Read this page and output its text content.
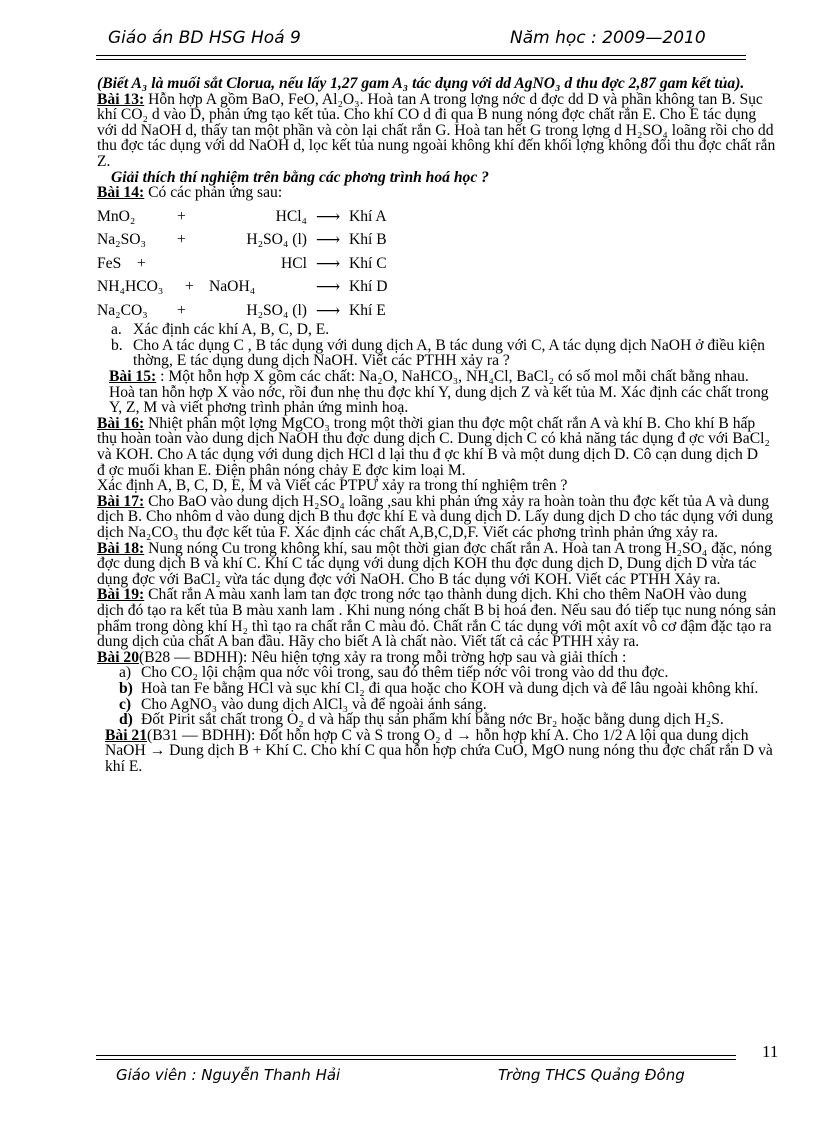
Giáo án BD HSG Hoá 9	Năm học : 2009—2010

(Biết A₃ là muối sắt Clorua, nếu lấy 1,27 gam A₃ tác dụng với dd AgNO₃ d thu đợc 2,87 gam kết tủa).

Bài 13: Hỗn hợp A gồm BaO, FeO, Al₂O₃. Hoà tan A trong lợng nớc d đợc dd D và phần không tan B. Sục khí CO₂ d vào D, phản ứng tạo kết tủa. Cho khí CO d đi qua B nung nóng đợc chất rắn E. Cho E tác dụng với dd NaOH d, thấy tan một phần và còn lại chất rắn G. Hoà tan hết G trong lợng d H₂SO₄ loãng rồi cho dd thu đợc tác dụng với dd NaOH d, lọc kết tủa nung ngoài không khí đến khối lợng không đổi thu đợc chất rắn Z.

Giải thích thí nghiệm trên bằng các phơng trình hoá học ?

Bài 14: Có các phản ứng sau:

MnO₂	+	HCl₄ ⟶ Khí A
Na₂SO₃	+	H₂SO₄ (l) ⟶ Khí B
FeS	+	HCl ⟶ Khí C
NH₄HCO₃	+ NaOH₄	⟶ Khí D
Na₂CO₃	+	H₂SO₄ (l) ⟶ Khí E
a. Xác định các khí A, B, C, D, E.
b. Cho A tác dụng C , B tác dụng với dung dịch A, B tác dung với C, A tác dụng dịch NaOH ở điều kiện thờng, E tác dụng dung dịch NaOH. Viết các PTHH xảy ra ?

Bài 15: : Một hỗn hợp X gồm các chất: Na₂O, NaHCO₃, NH₄Cl, BaCl₂ có số mol mỗi chất bằng nhau. Hoà tan hỗn hợp X vào nớc, rồi đun nhẹ thu đợc khí Y, dung dịch Z và kết tủa M. Xác định các chất trong Y, Z, M và viết phơng trình phản ứng minh hoạ.

Bài 16: Nhiệt phân một lợng MgCO₃ trong một thời gian thu đợc một chất rắn A và khí B. Cho khí B hấp thụ hoàn toàn vào dung dịch NaOH thu đợc dung dịch C. Dung dịch C có khả năng tác dụng đ ợc với BaCl₂ và KOH. Cho A tác dụng với dung dịch HCl d lại thu đ ợc khí B và một dung dịch D. Cô cạn dung dịch D

đ ợc muối khan E. Điện phân nóng chảy E đợc kim loại M.

Xác định A, B, C, D, E, M và Viết các PTPƯ xảy ra trong thí nghiệm trên ?

Bài 17: Cho BaO vào dung dịch H₂SO₄ loãng ,sau khi phản ứng xảy ra hoàn toàn thu đợc kết tủa A và dung dịch B. Cho nhôm d vào dung dịch B thu đợc khí E và dung dịch D. Lấy dung dịch D cho tác dụng với dung dịch Na₂CO₃ thu đợc kết tủa F. Xác định các chất A,B,C,D,F. Viết các phơng trình phản ứng xảy ra.

Bài 18: Nung nóng Cu trong không khí, sau một thời gian đợc chất rắn A. Hoà tan A trong H₂SO₄ đặc, nóng đợc dung dịch B và khí C. Khí C tác dụng với dung dịch KOH thu đợc dung dịch D, Dung dịch D vừa tác dụng đợc với BaCl₂ vừa tác dụng đợc với NaOH. Cho B tác dụng với KOH. Viết các PTHH Xảy ra.

Bài 19: Chất rắn A màu xanh lam tan đợc trong nớc tạo thành dung dịch. Khi cho thêm NaOH vào dung dịch đó tạo ra kết tủa B màu xanh lam . Khi nung nóng chất B bị hoá đen. Nếu sau đó tiếp tục nung nóng sản phẩm trong dòng khí H₂ thì tạo ra chất rắn C màu đỏ. Chất rắn C tác dụng với một axít vô cơ đậm đặc tạo ra dung dịch của chất A ban đầu. Hãy cho biết A là chất nào. Viết tất cả các PTHH xảy ra.

Bài 20(B28 — BDHH): Nêu hiện tợng xảy ra trong mỗi trờng hợp sau và giải thích :

a) Cho CO₂ lội chậm qua nớc vôi trong, sau đó thêm tiếp nớc vôi trong vào dd thu đợc.
b) Hoà tan Fe bằng HCl và sục khí Cl₂ đi qua hoặc cho KOH và dung dịch và để lâu ngoài không khí.
c) Cho AgNO₃ vào dung dịch AlCl₃ và để ngoài ánh sáng.
d) Đốt Pirit sắt chất trong O₂ d và hấp thụ sản phẩm khí bằng nớc Br₂ hoặc bằng dung dịch H₂S.

Bài 21(B31 — BDHH): Đốt hỗn hợp C và S trong O₂ d → hỗn hợp khí A. Cho 1/2 A lội qua dung dịch NaOH → Dung dịch B + Khí C. Cho khí C qua hỗn hợp chứa CuO, MgO nung nóng thu đợc chất rắn D và khí E.

11
Giáo viên : Nguyễn Thanh Hải	Trờng THCS Quảng Đông
